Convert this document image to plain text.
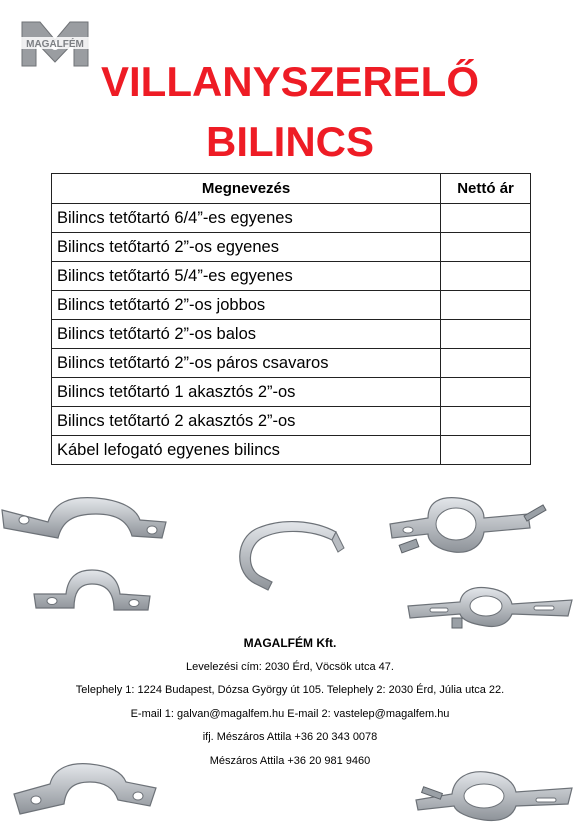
MAGALFÉM
VILLANYSZERELŐ
BILINCS
Megnevezés	Nettó ár
Bilincs tetőtartó 6/4”-es egyenes	
Bilincs tetőtartó 2”-os egyenes	
Bilincs tetőtartó 5/4”-es egyenes	
Bilincs tetőtartó 2”-os jobbos	
Bilincs tetőtartó 2”-os balos	
Bilincs tetőtartó 2”-os páros csavaros	
Bilincs tetőtartó 1 akasztós 2”-os	
Bilincs tetőtartó 2 akasztós 2”-os	
Kábel lefogató egyenes bilincs	
MAGALFÉM Kft.
Levelezési cím: 2030 Érd, Vöcsök utca 47.
Telephely 1: 1224 Budapest, Dózsa György út 105. Telephely 2: 2030 Érd, Júlia utca 22.
E-mail 1: galvan@magalfem.hu E-mail 2: vastelep@magalfem.hu
ifj. Mészáros Attila +36 20 343 0078
Mészáros Attila +36 20 981 9460
